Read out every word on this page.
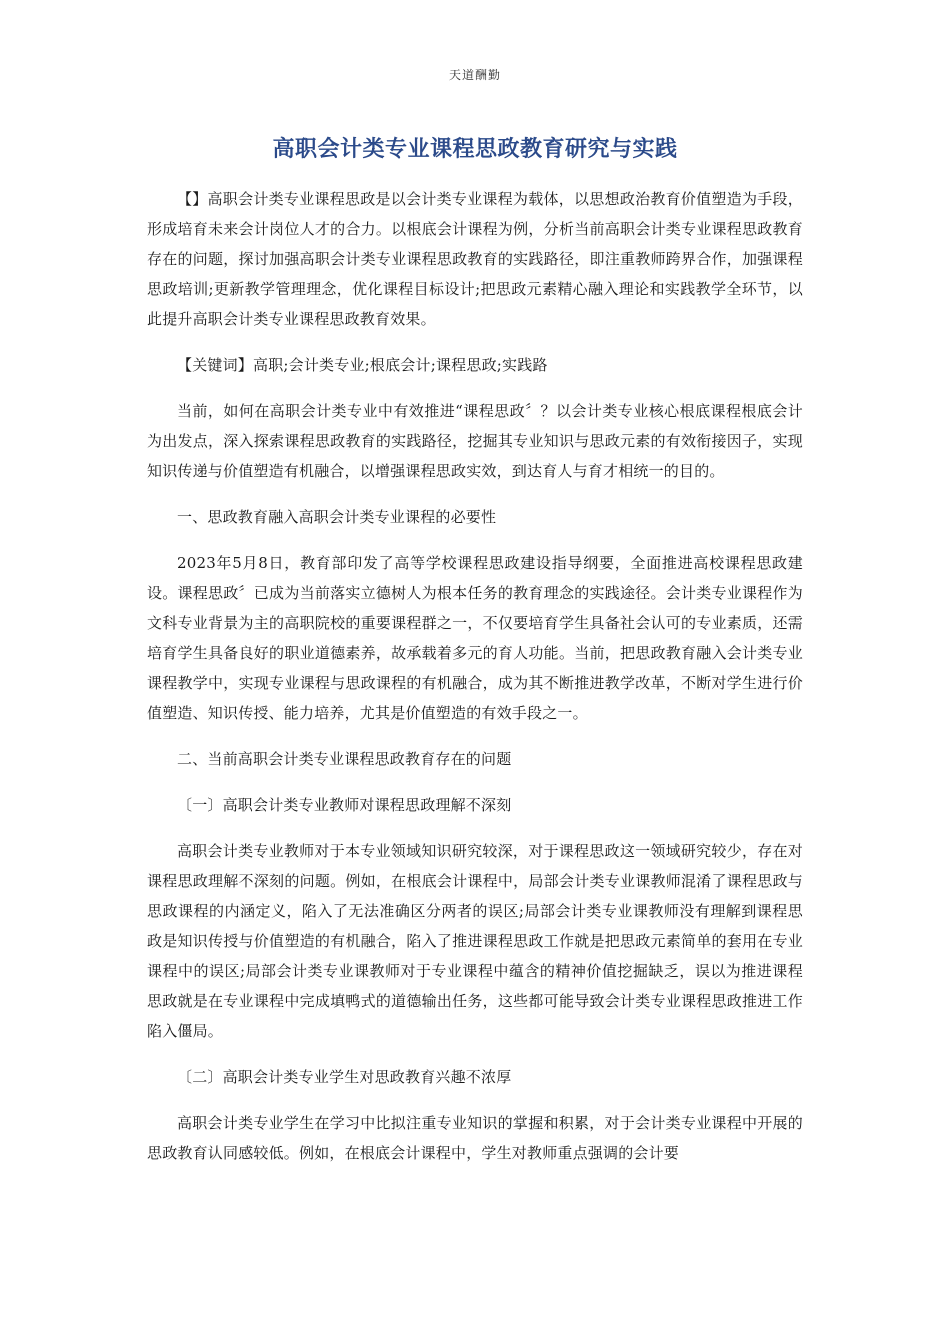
天道酬勤
高职会计类专业课程思政教育研究与实践

【】高职会计类专业课程思政是以会计类专业课程为载体，以思想政治教育价值塑造为手段，形成培育未来会计岗位人才的合力。以根底会计课程为例，分析当前高职会计类专业课程思政教育存在的问题，探讨加强高职会计类专业课程思政教育的实践路径，即注重教师跨界合作，加强课程思政培训;更新教学管理理念，优化课程目标设计;把思政元素精心融入理论和实践教学全环节，以此提升高职会计类专业课程思政教育效果。

【关键词】高职;会计类专业;根底会计;课程思政;实践路

当前，如何在高职会计类专业中有效推进“课程思政〞？以会计类专业核心根底课程根底会计为出发点，深入探索课程思政教育的实践路径，挖掘其专业知识与思政元素的有效衔接因子，实现知识传递与价值塑造有机融合，以增强课程思政实效，到达育人与育才相统一的目的。

一、思政教育融入高职会计类专业课程的必要性

2023年5月8日，教育部印发了高等学校课程思政建设指导纲要，全面推进高校课程思政建设。课程思政〞已成为当前落实立德树人为根本任务的教育理念的实践途径。会计类专业课程作为文科专业背景为主的高职院校的重要课程群之一，不仅要培育学生具备社会认可的专业素质，还需培育学生具备良好的职业道德素养，故承载着多元的育人功能。当前，把思政教育融入会计类专业课程教学中，实现专业课程与思政课程的有机融合，成为其不断推进教学改革，不断对学生进行价值塑造、知识传授、能力培养，尤其是价值塑造的有效手段之一。

二、当前高职会计类专业课程思政教育存在的问题

〔一〕高职会计类专业教师对课程思政理解不深刻

高职会计类专业教师对于本专业领域知识研究较深，对于课程思政这一领域研究较少，存在对课程思政理解不深刻的问题。例如，在根底会计课程中，局部会计类专业课教师混淆了课程思政与思政课程的内涵定义，陷入了无法准确区分两者的误区;局部会计类专业课教师没有理解到课程思政是知识传授与价值塑造的有机融合，陷入了推进课程思政工作就是把思政元素简单的套用在专业课程中的误区;局部会计类专业课教师对于专业课程中蕴含的精神价值挖掘缺乏，误以为推进课程思政就是在专业课程中完成填鸭式的道德输出任务，这些都可能导致会计类专业课程思政推进工作陷入僵局。

〔二〕高职会计类专业学生对思政教育兴趣不浓厚

高职会计类专业学生在学习中比拟注重专业知识的掌握和积累，对于会计类专业课程中开展的思政教育认同感较低。例如，在根底会计课程中，学生对教师重点强调的会计要
